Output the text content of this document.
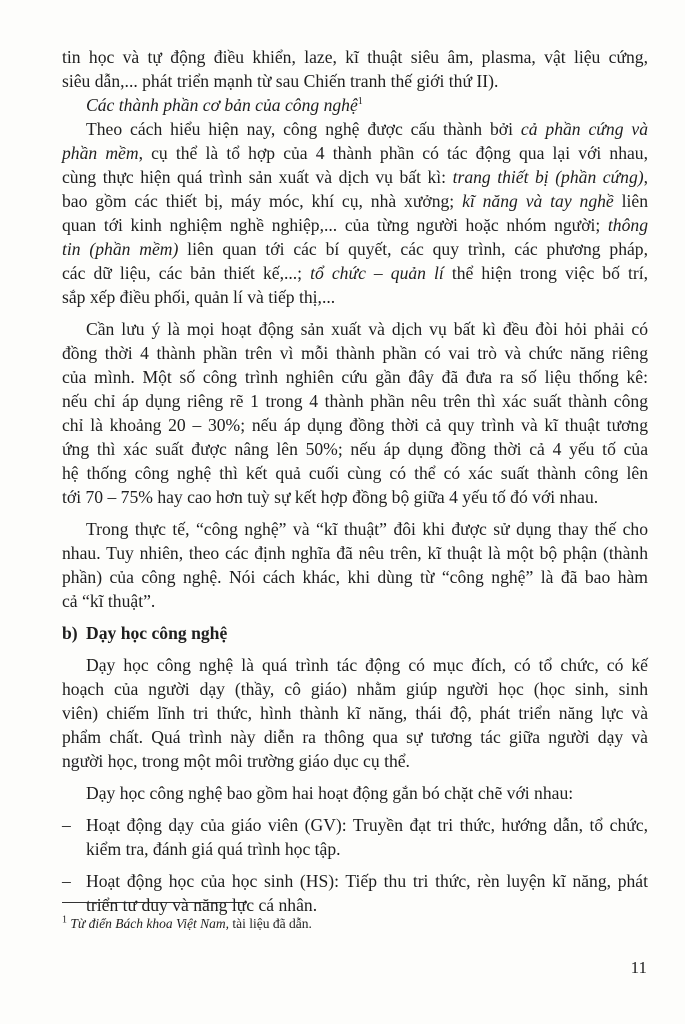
tin học và tự động điều khiển, laze, kĩ thuật siêu âm, plasma, vật liệu cứng,
siêu dẫn,... phát triển mạnh từ sau Chiến tranh thế giới thứ II).
Các thành phần cơ bản của công nghệ$^1$
Theo cách hiểu hiện nay, công nghệ được cấu thành bởi cả phần cứng và
phần mềm, cụ thể là tổ hợp của 4 thành phần có tác động qua lại với nhau,
cùng thực hiện quá trình sản xuất và dịch vụ bất kì: trang thiết bị (phần cứng),
bao gồm các thiết bị, máy móc, khí cụ, nhà xưởng; kĩ năng và tay nghề liên
quan tới kinh nghiệm nghề nghiệp,... của từng người hoặc nhóm người; thông
tin (phần mềm) liên quan tới các bí quyết, các quy trình, các phương pháp,
các dữ liệu, các bản thiết kế,...; tổ chức – quản lí thể hiện trong việc bố trí,
sắp xếp điều phối, quản lí và tiếp thị,...
Cần lưu ý là mọi hoạt động sản xuất và dịch vụ bất kì đều đòi hỏi phải có
đồng thời 4 thành phần trên vì mỗi thành phần có vai trò và chức năng riêng
của mình. Một số công trình nghiên cứu gần đây đã đưa ra số liệu thống kê:
nếu chỉ áp dụng riêng rẽ 1 trong 4 thành phần nêu trên thì xác suất thành công
chỉ là khoảng 20 – 30%; nếu áp dụng đồng thời cả quy trình và kĩ thuật tương
ứng thì xác suất được nâng lên 50%; nếu áp dụng đồng thời cả 4 yếu tố của
hệ thống công nghệ thì kết quả cuối cùng có thể có xác suất thành công lên
tới 70 – 75% hay cao hơn tuỳ sự kết hợp đồng bộ giữa 4 yếu tố đó với nhau.
Trong thực tế, “công nghệ” và “kĩ thuật” đôi khi được sử dụng thay thế cho
nhau. Tuy nhiên, theo các định nghĩa đã nêu trên, kĩ thuật là một bộ phận (thành
phần) của công nghệ. Nói cách khác, khi dùng từ “công nghệ” là đã bao hàm
cả “kĩ thuật”.
b) Dạy học công nghệ
Dạy học công nghệ là quá trình tác động có mục đích, có tổ chức, có kế
hoạch của người dạy (thầy, cô giáo) nhằm giúp người học (học sinh, sinh
viên) chiếm lĩnh tri thức, hình thành kĩ năng, thái độ, phát triển năng lực và
phẩm chất. Quá trình này diễn ra thông qua sự tương tác giữa người dạy và
người học, trong một môi trường giáo dục cụ thể.
Dạy học công nghệ bao gồm hai hoạt động gắn bó chặt chẽ với nhau:
– Hoạt động dạy của giáo viên (GV): Truyền đạt tri thức, hướng dẫn, tổ chức,
kiểm tra, đánh giá quá trình học tập.
– Hoạt động học của học sinh (HS): Tiếp thu tri thức, rèn luyện kĩ năng, phát
triển tư duy và năng lực cá nhân.
$^1$ Từ điển Bách khoa Việt Nam, tài liệu đã dẫn.
11
